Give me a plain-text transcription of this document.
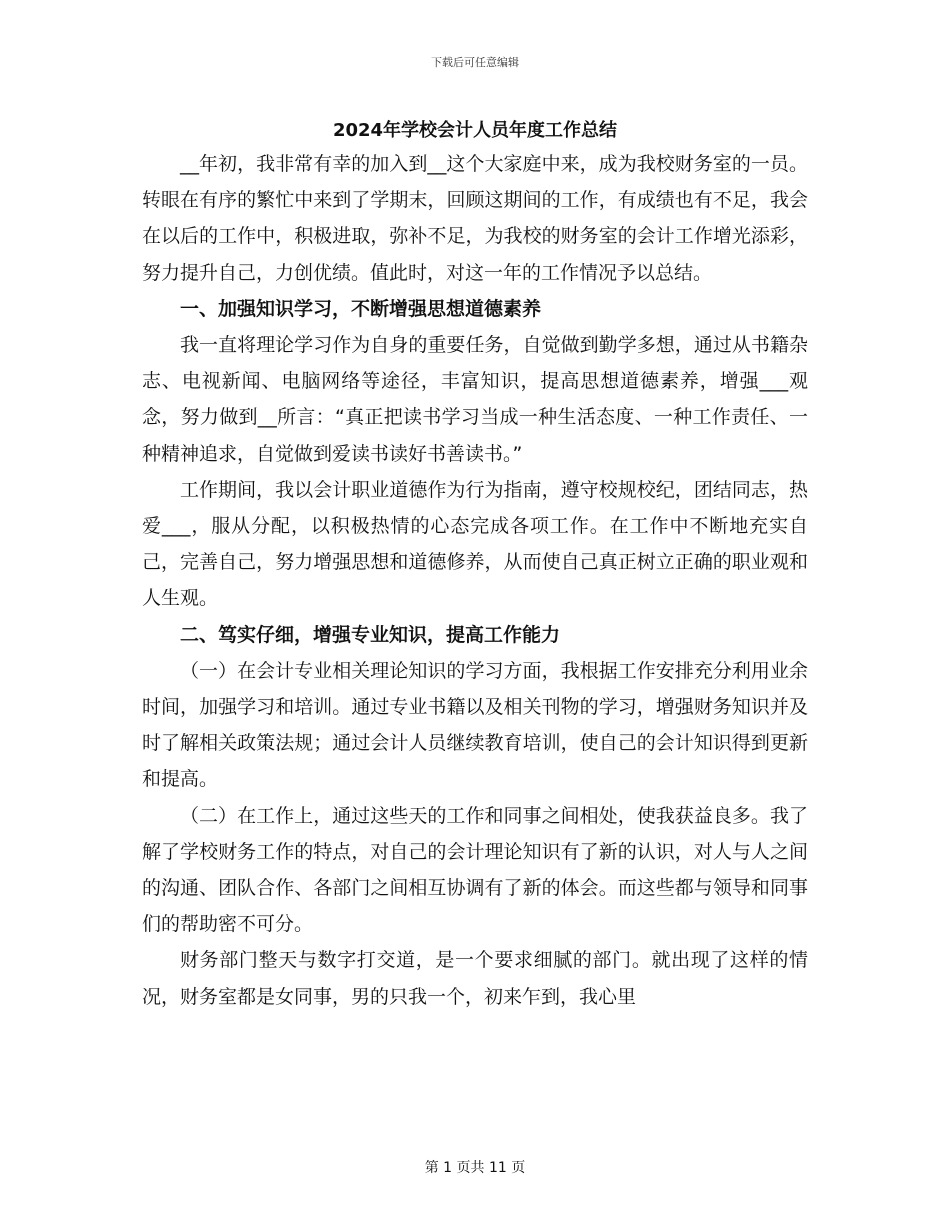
下载后可任意编辑
2024年学校会计人员年度工作总结

__年初，我非常有幸的加入到__这个大家庭中来，成为我校财务室的一员。转眼在有序的繁忙中来到了学期末，回顾这期间的工作，有成绩也有不足，我会在以后的工作中，积极进取，弥补不足，为我校的财务室的会计工作增光添彩，努力提升自己，力创优绩。值此时，对这一年的工作情况予以总结。

一、加强知识学习，不断增强思想道德素养

我一直将理论学习作为自身的重要任务，自觉做到勤学多想，通过从书籍杂志、电视新闻、电脑网络等途径，丰富知识，提高思想道德素养，增强___观念，努力做到__所言：“真正把读书学习当成一种生活态度、一种工作责任、一种精神追求，自觉做到爱读书读好书善读书。”

工作期间，我以会计职业道德作为行为指南，遵守校规校纪，团结同志，热爱___，服从分配，以积极热情的心态完成各项工作。在工作中不断地充实自己，完善自己，努力增强思想和道德修养，从而使自己真正树立正确的职业观和人生观。

二、笃实仔细，增强专业知识，提高工作能力

（一）在会计专业相关理论知识的学习方面，我根据工作安排充分利用业余时间，加强学习和培训。通过专业书籍以及相关刊物的学习，增强财务知识并及时了解相关政策法规；通过会计人员继续教育培训，使自己的会计知识得到更新和提高。

（二）在工作上，通过这些天的工作和同事之间相处，使我获益良多。我了解了学校财务工作的特点，对自己的会计理论知识有了新的认识，对人与人之间的沟通、团队合作、各部门之间相互协调有了新的体会。而这些都与领导和同事们的帮助密不可分。

财务部门整天与数字打交道，是一个要求细腻的部门。就出现了这样的情况，财务室都是女同事，男的只我一个，初来乍到，我心里

第 1 页共 11 页
